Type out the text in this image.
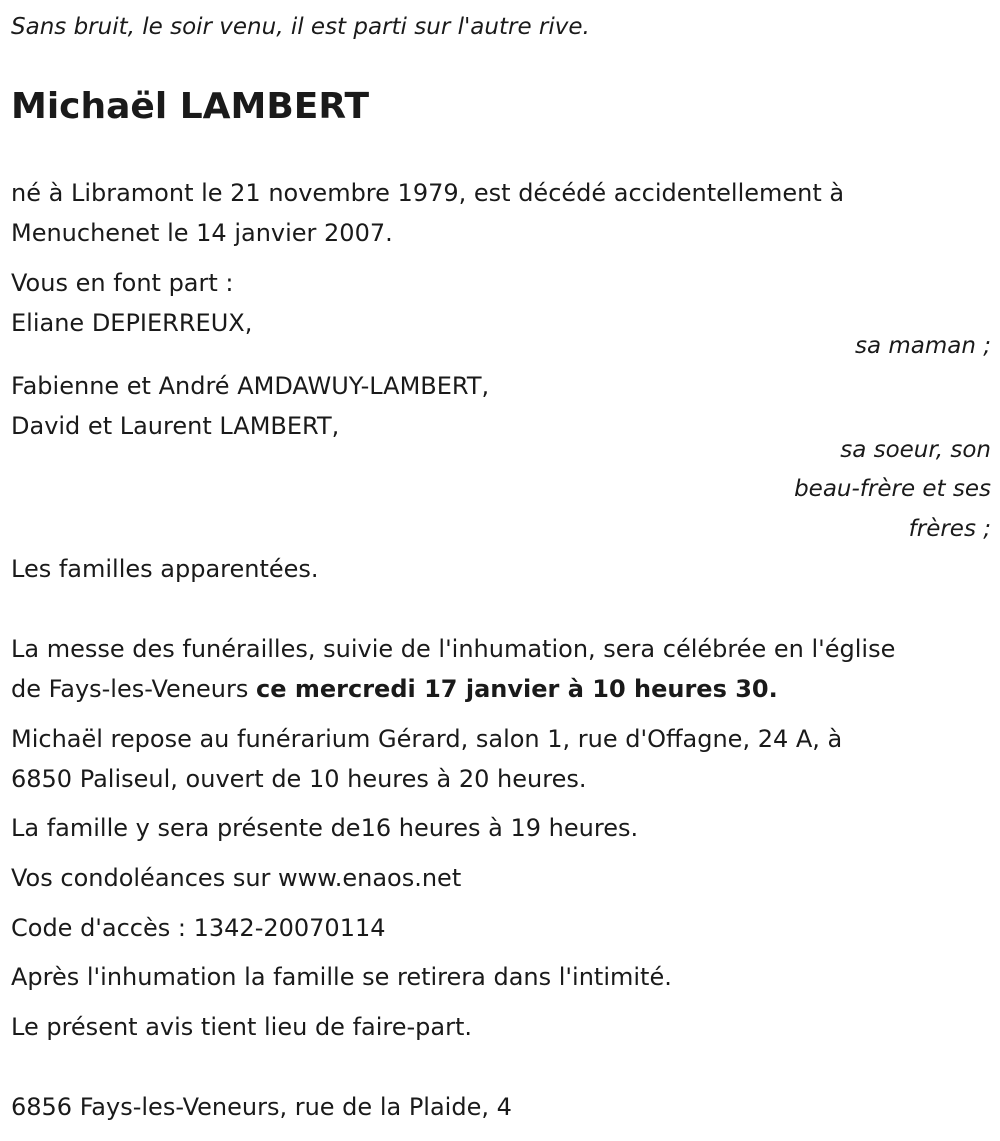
Sans bruit, le soir venu, il est parti sur l'autre rive.
Michaël LAMBERT
né à Libramont le 21 novembre 1979, est décédé accidentellement à
Menuchenet le 14 janvier 2007.
Vous en font part :
Eliane DEPIERREUX,
sa maman ;
Fabienne et André AMDAWUY-LAMBERT,
David et Laurent LAMBERT,
sa soeur, son
beau-frère et ses
frères ;
Les familles apparentées.
La messe des funérailles, suivie de l'inhumation, sera célébrée en l'église
de Fays-les-Veneurs ce mercredi 17 janvier à 10 heures 30.
Michaël repose au funérarium Gérard, salon 1, rue d'Offagne, 24 A, à
6850 Paliseul, ouvert de 10 heures à 20 heures.
La famille y sera présente de16 heures à 19 heures.
Vos condoléances sur www.enaos.net
Code d'accès : 1342-20070114
Après l'inhumation la famille se retirera dans l'intimité.
Le présent avis tient lieu de faire-part.
6856 Fays-les-Veneurs, rue de la Plaide, 4
